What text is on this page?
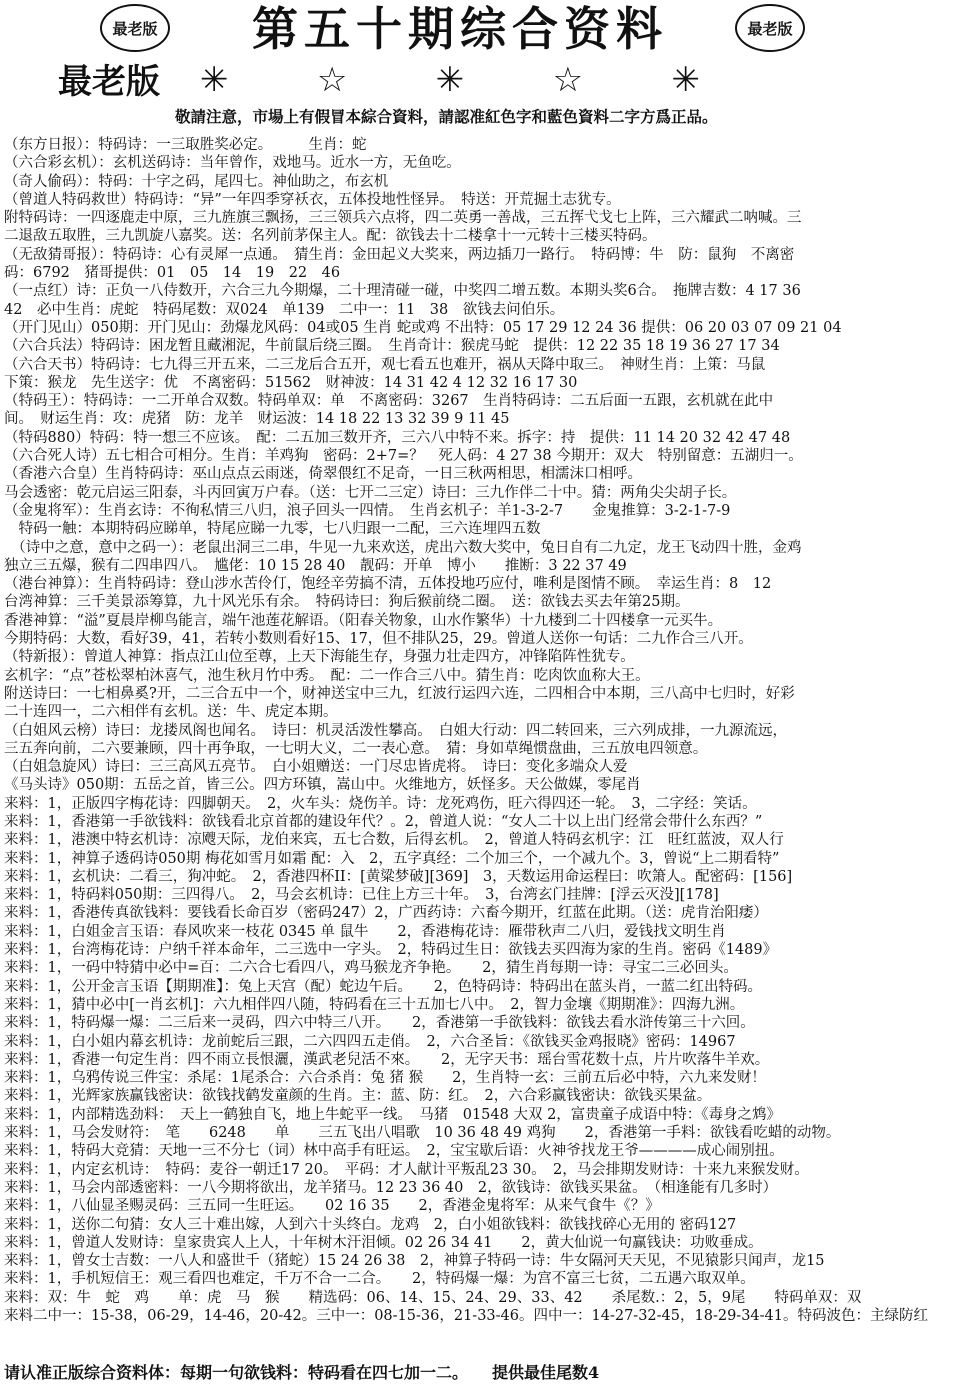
最老版	第五十期综合资料	最老版
最老版 ✳	☆	✳	☆	✳
敬請注意，市場上有假冒本綜合資料，請認准紅色字和藍色資料二字方爲正品。
（东方日报）：特码诗：一三取胜奖必定。　　　生肖：蛇
（六合彩玄机）：玄机送码诗：当年曾作，戏地马。近水一方，无鱼吃。
（奇人偷码）：特码：十字之码，尾四七。神仙助之，布玄机
（曾道人特码救世）特码诗：“异”一年四季穿袄衣，五体投地性怪异。　特送：开荒掘土志犹专。
附特码诗：一四逐鹿走中原，三九旌旗三飘扬，三三领兵六点将，四二英勇一善战，三五挥弋戈七上阵，三六耀武二呐喊。三
二退敌五取胜，三九凯旋八嘉奖。送：名列前茅保主人。配：欲钱去十二楼拿十一元转十三楼买特码。
（无敌猜哥报）：特码诗：心有灵犀一点通。　猜生肖：金田起义大奖来，两边插刀一路行。　特码博：牛　防：鼠狗　不离密
码：6792　猪哥提供：01　05　14　19　22　46
（一点红）诗：正负一八侍数开，六合三九今期爆，二十理清碰一碰，中奖四二增五数。本期头奖6合。　拖牌吉数：4 17 36
42　必中生肖：虎蛇　特码尾数：双024　单139　二中一：11　38　欲钱去问伯乐。
（开门见山）050期：开门见山：劲爆龙风码：04或05 生肖 蛇或鸡 不出特：05 17 29 12 24 36 提供：06 20 03 07 09 21 04
（六合兵法）特码诗：困龙暂且藏湘泥，牛前鼠后绕三圈。　生肖奇计：猴虎马蛇　提供：12 22 35 18 19 36 27 17 34
（六合天书）特码诗：七九得三开五来，二三龙后合五开，观七看五也难开，祸从天降中取三。　神财生肖：上策：马鼠
下策：猴龙　先生送字：优　不离密码：51562　财神波：14 31 42 4 12 32 16 17 30
（特码王）：特码诗：一二开单合双数。特码单双：单　不离密码：3267　生肖特码诗：二五后面一五跟，玄机就在此中
间。　财运生肖：攻：虎猪　防：龙羊　财运波：14 18 22 13 32 39 9 11 45
（特码880）特码：特一想三不应该。　配：二五加三数开齐，三六八中特不来。拆字：持　提供：11 14 20 32 42 47 48
（六合死人诗）五七相合可相分。生肖：羊鸡狗　密码：2+7=？　死人码：4 27 38 今期开：双大　特别留意：五湖归一。
（香港六合皇）生肖特码诗：巫山点点云雨迷，倚翠偎红不足奇，一日三秋两相思，相濡沫口相呼。
马会透密：乾元启运三阳泰，斗丙回寅万户春。（送：七开二三定）诗曰：三九作伴二十中。猜：两角尖尖胡子长。
（金鬼将军）：生肖玄诗：不徇私情三八归，浪子回头一四情。　生肖玄机子：羊1-3-2-7　　金鬼推算：3-2-1-7-9
　特码一触：本期特码应睇单，特尾应睇一九零，七八归跟一二配，三六连埋四五数
　（诗中之意，意中之码一）：老鼠出洞三二串，牛见一九来欢送，虎出六数大奖中，兔日自有二九定，龙王飞动四十胜，金鸡
独立三五爆，猴有二四串四八。　尴佬：10 15 28 40　靓码：开单　博小　　推断：3 22 37 49
（港台神算）：生肖特码诗：登山涉水苦伶仃，饱经辛劳搞不清，五体投地巧应付，唯利是图情不顾。　幸运生肖：8　12
台湾神算：三千美景添筹算，九十风光乐有余。　特码诗曰：狗后猴前绕二圈。　送：欲钱去买去年第25期。
香港神算：“溢”夏晨岸柳鸟能言，端午池莲花解语。（阳春关物象，山水作繁华）十九楼到二十四楼拿一元买牛。
今期特码：大数，看好39，41，若转小数则看好15、17，但不排队25，29。曾道人送你一句话：二九作合三八开。
（特新报）：曾道人神算：指点江山位至尊，上天下海能生存，身强力壮走四方，冲锋陷阵性犹专。
玄机字：“点”苍松翠柏沐喜气，池生秋月竹中秀。　配：二一作合三八中。猜生肖：吃肉饮血称大王。
附送诗曰：一七相鼻奚?开，二三合五中一个，财神送宝中三九，红波行运四六连，二四相合中本期，三八高中七归时，好彩
二十连四一，二六相伴有玄机。送：牛、虎定本期。
（白姐风云榜）诗曰：龙搂凤阁也闻名。　诗曰：机灵活泼性攀高。　白姐大行动：四二转回来，三六列成排，一九源流远，
三五奔向前，二六要兼顾，四十再争取，一七明大义，二一表心意。　猜：身如草绳惯盘曲，三五放电四领意。
（白姐急旋风）诗曰：三三高风五亮节。　白小姐赠送：一门尽忠皆虎将。　诗曰：变化多端众人爱
《马头诗》050期：五岳之首，皆三公。四方环镇，嵩山中。火维地方，妖怪多。天公做媒，零尾肖
来料：1，正版四字梅花诗：四脚朝天。　2，火车头：烧伤羊。诗：龙死鸡伤，旺六得四还一轮。　3，二字经：笑话。
来料：1，香港第一手欲钱料：欲钱看北京首都的建设年代？。2，曾道人说：“女人二十以上出门经常会带什么东西？”
来料：1，港澳中特玄机诗：凉飕天际，龙伯来宾，五七合数，后得玄机。　2，曾道人特码玄机字：江　旺红蓝波，双人行
来料：1，神算子透码诗050期 梅花如雪月如霜 配：入　2，五字真经：二个加三个，一个减九个。3，曾说“上二期看特”
来料：1，玄机诀：二看三，狗冲蛇。　2，香港四杯II：[黄粱梦破][369]　3，天数运用命运程曰：吹箫人。配密码：[156]
来料：1，特码料050期：三四得八。　2，马会玄机诗：已住上方三十年。　3，台湾玄门挂牌：[浮云灭没][178]
来料：1，香港传真欲钱料：要钱看长命百岁（密码247）2，广西药诗：六畜今期开，红蓝在此期。（送：虎肯治阳痿）
来料：1，白姐金言玉语：春风吹来一枝花 0345 单 鼠牛　　2，香港梅花诗：雁带秋声二八归，爱钱找文明生肖
来料：1，台湾梅花诗：户纳千祥本命年，二三选中一字头。　2，特码过生日：欲钱去买四海为家的生肖。密码《1489》
来料：1，一码中特猜中必中=百：二六合七看四八，鸡马猴龙齐争艳。　　2，猜生肖每期一诗：寻宝二三必回头。
来料：1，公开金言玉语【期期准】：兔上天宫（配）蛇边午后。　　2，色特码诗：特码出在蓝头肖，一蓝二红出特码。
来料：1，猜中必中[一肖玄机]：六九相伴四八随，特码看在三十五加七八中。　2，智力金壤《期期准》：四海九洲。
来料：1，特码爆一爆：二三后来一灵码，四六中特三八开。　　2，香港第一手欲钱料：欲钱去看水浒传第三十六回。
来料：1，白小姐内幕玄机诗：龙前蛇后三跟，二六四四五走俏。　2，六合圣旨：《欲钱买金鸡报晓》密码：14967
来料：1，香港一句定生肖：四不雨立長恨灑，漢武老兒活不來。　　2，无字天书：瑶台雪花数十点，片片吹落牛羊欢。
来料：1，乌鸦传说三件宝：杀尾：1尾杀合：六合杀肖：兔 猪 猴　　2，生肖特一玄：三前五后必中特，六九来发财！
来料：1，光辉家族赢钱密诀：欲钱找鹤发童颜的生肖。主：蓝、防：红。　2，六合彩赢钱密诀：欲钱买果盆。
来料：1，内部精选劲料：　天上一鹤独自飞，地上牛蛇平一线。　马猪　01548 大双 2，富贵童子成语中特：《毒身之鸩》
来料：1，马会发财符：　笔　　6248　　单　　三五飞出八唱歌　10 36 48 49 鸡狗　　2，香港第一手料：欲钱看吃蜡的动物。
来料：1，特码大竞猜：天地一三不分七（词）林中高手有旺运。　2，宝宝歇后语：火神爷找龙王爷————成心闹别扭。
来料：1，内定玄机诗：　特码：麦谷一朝迁17 20。　平码：才人献计平叛乱23 30。　2，马会排期发财诗：十来九来猴发财。
来料：1，马会内部透密料：一八今期将欲出，龙羊猪马。12 23 36 40　2，欲钱诗：欲钱买果盆。　（相逢能有几多时）
来料：1，八仙显圣赐灵码：三五同一生旺运。　　02 16 35　　2，香港金鬼将军：从来气食牛《？》
来料：1，送你二句猜：女人三十难出嫁，人到六十头终白。龙鸡　2，白小姐欲钱料：欲钱找碎心无用的 密码127
来料：1，曾道人发财诗：皇家贵宾人上人，十年树木汗泪倾。02 26 34 41　　2，黄大仙说一句赢钱诀：功败垂成。
来料：1，曾女士吉数：一八人和盛世千（猪蛇）15 24 26 38　2，神算子特码一诗：牛女隔河天天见，不见猿影只闻声，龙15
来料：1，手机短信王：观三看四也难定，千万不合一二合。　　2，特码爆一爆：为宫不富三七贫，二五遇六取双单。
来料：双：牛　蛇　鸡　　单：虎　马　猴　　精选码：06、14、15、24、29、33、42　　杀尾数.：2，5，9尾　　特码单双：双
来料二中一：15-38，06-29，14-46，20-42。三中一：08-15-36，21-33-46。四中一：14-27-32-45，18-29-34-41。特码波色：主绿防红
请认准正版综合资料体：每期一句欲钱料：特码看在四七加一二。　　提供最佳尾数4
